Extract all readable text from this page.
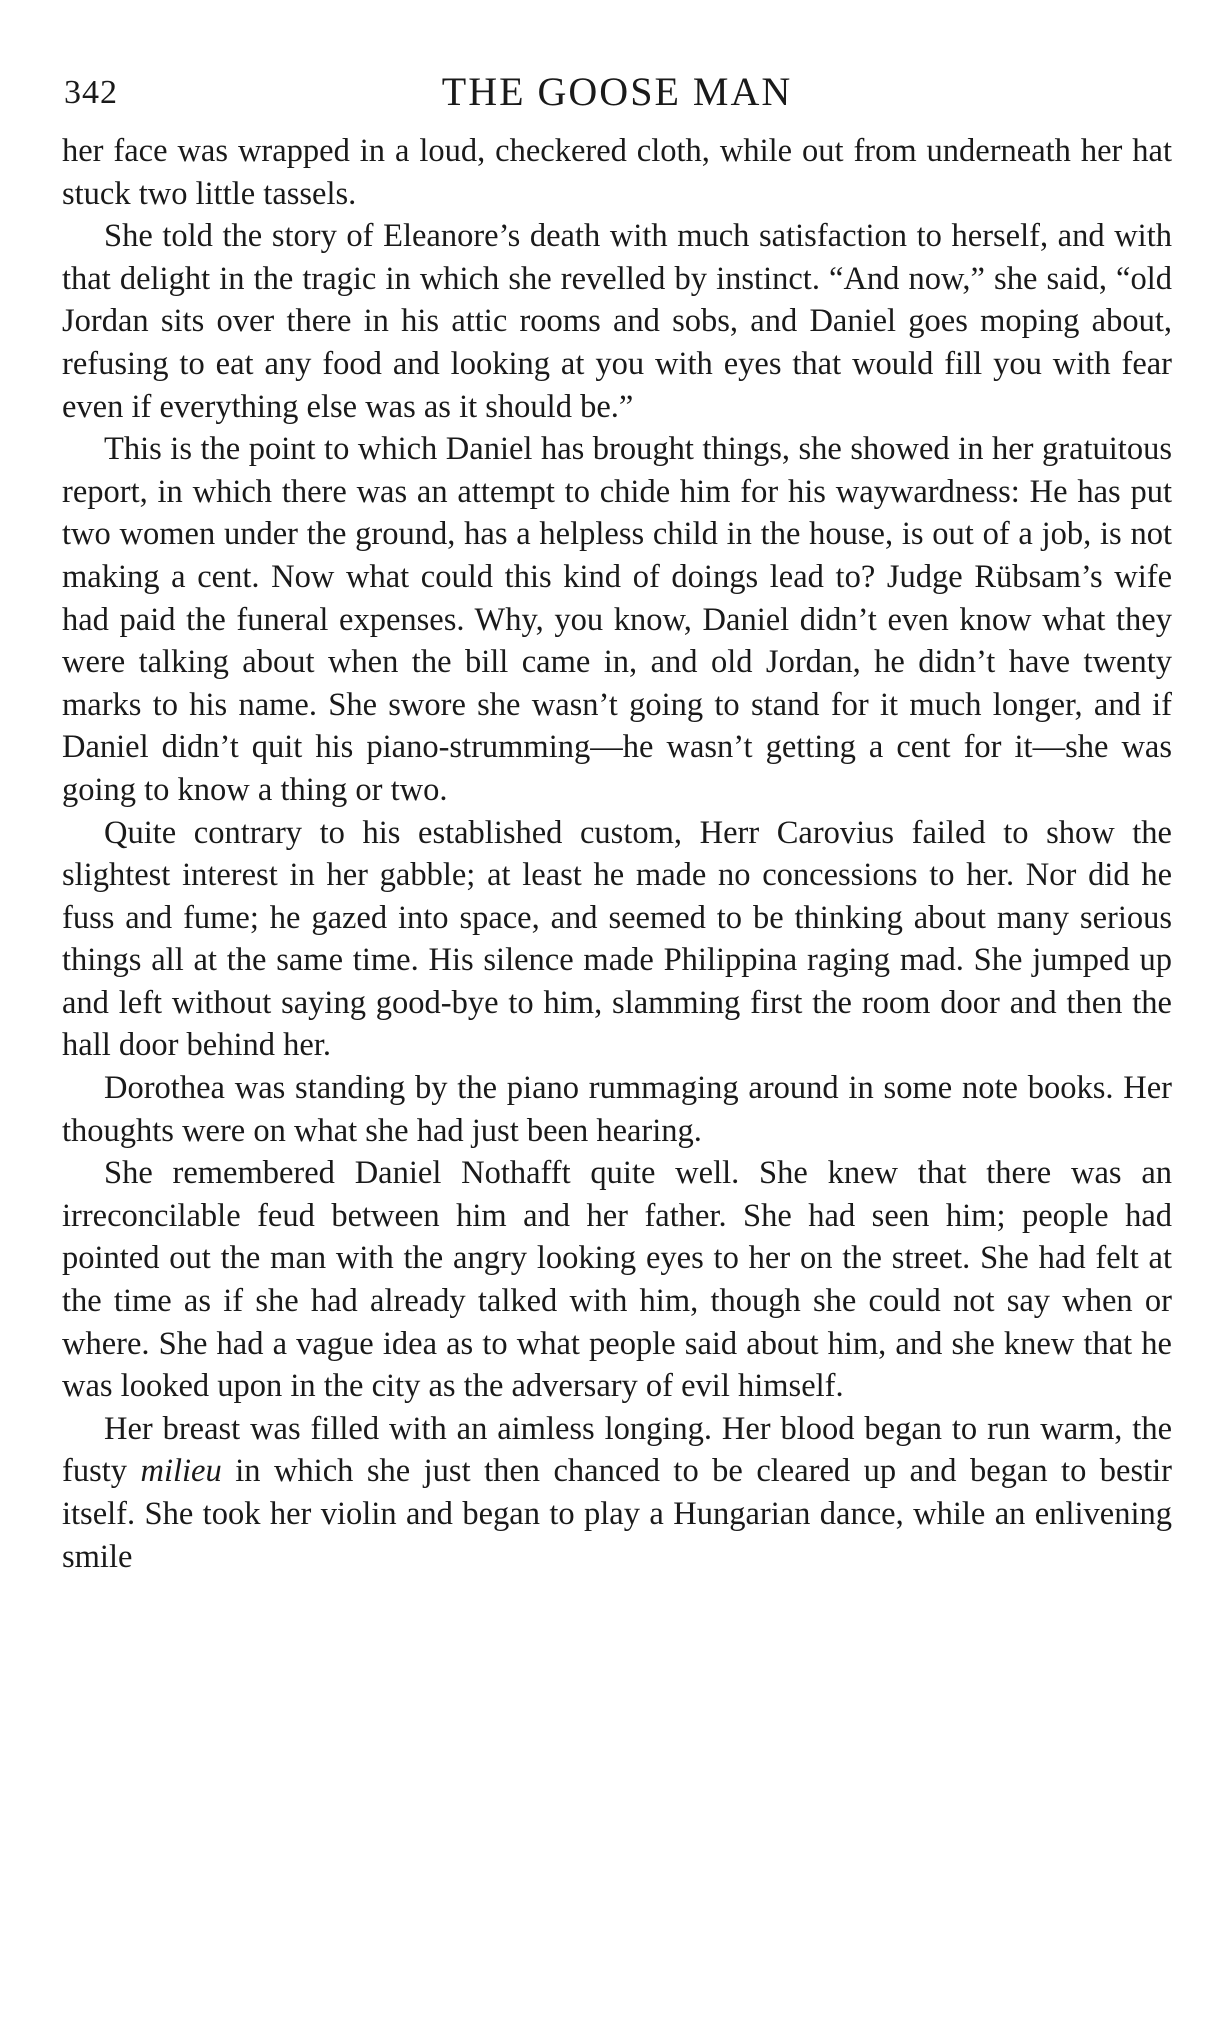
342	THE GOOSE MAN

her face was wrapped in a loud, checkered cloth, while out from underneath her hat stuck two little tassels.

She told the story of Eleanore’s death with much satisfaction to herself, and with that delight in the tragic in which she revelled by instinct. “And now,” she said, “old Jordan sits over there in his attic rooms and sobs, and Daniel goes moping about, refusing to eat any food and looking at you with eyes that would fill you with fear even if everything else was as it should be.”

This is the point to which Daniel has brought things, she showed in her gratuitous report, in which there was an attempt to chide him for his waywardness: He has put two women under the ground, has a helpless child in the house, is out of a job, is not making a cent. Now what could this kind of doings lead to? Judge Rübsam’s wife had paid the funeral expenses. Why, you know, Daniel didn’t even know what they were talking about when the bill came in, and old Jordan, he didn’t have twenty marks to his name. She swore she wasn’t going to stand for it much longer, and if Daniel didn’t quit his piano-strumming—he wasn’t getting a cent for it—she was going to know a thing or two.

Quite contrary to his established custom, Herr Carovius failed to show the slightest interest in her gabble; at least he made no concessions to her. Nor did he fuss and fume; he gazed into space, and seemed to be thinking about many serious things all at the same time. His silence made Philippina raging mad. She jumped up and left without saying good-bye to him, slamming first the room door and then the hall door behind her.

Dorothea was standing by the piano rummaging around in some note books. Her thoughts were on what she had just been hearing.

She remembered Daniel Nothafft quite well. She knew that there was an irreconcilable feud between him and her father. She had seen him; people had pointed out the man with the angry looking eyes to her on the street. She had felt at the time as if she had already talked with him, though she could not say when or where. She had a vague idea as to what people said about him, and she knew that he was looked upon in the city as the adversary of evil himself.

Her breast was filled with an aimless longing. Her blood began to run warm, the fusty milieu in which she just then chanced to be cleared up and began to bestir itself. She took her violin and began to play a Hungarian dance, while an enlivening smile
